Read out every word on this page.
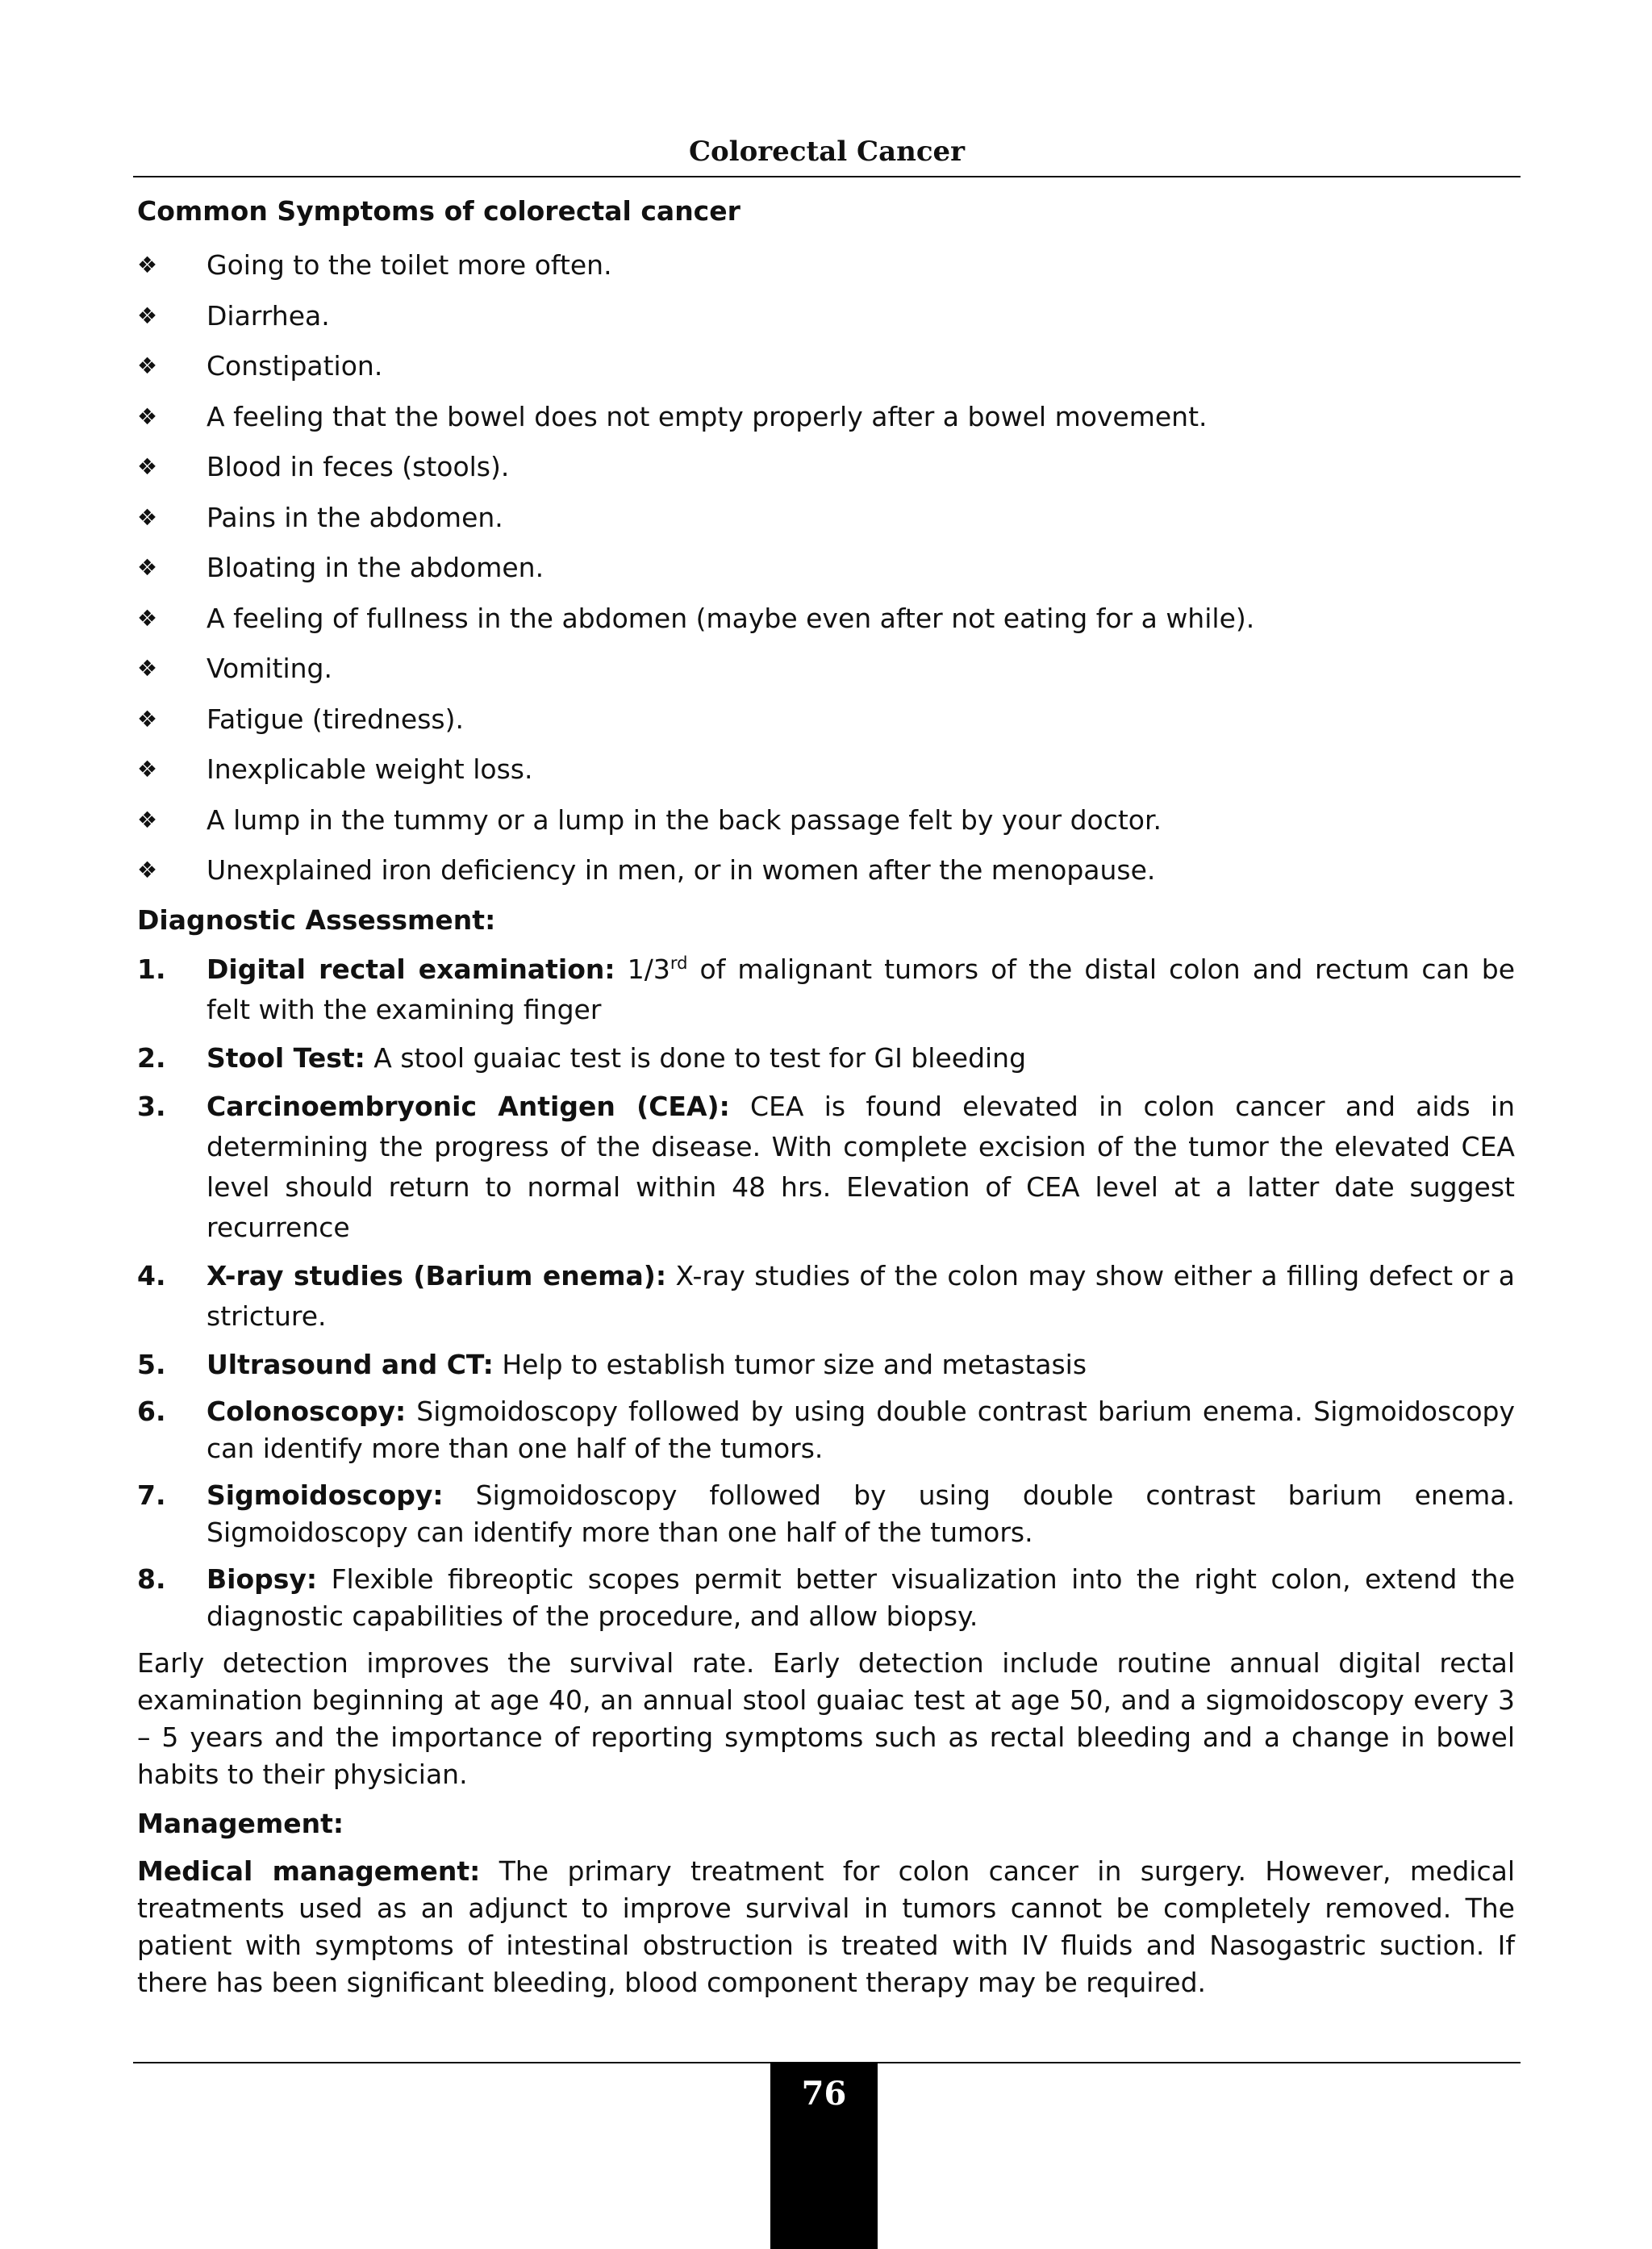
Colorectal Cancer

Common Symptoms of colorectal cancer

❖	Going to the toilet more often.
❖	Diarrhea.
❖	Constipation.
❖	A feeling that the bowel does not empty properly after a bowel movement.
❖	Blood in feces (stools).
❖	Pains in the abdomen.
❖	Bloating in the abdomen.
❖	A feeling of fullness in the abdomen (maybe even after not eating for a while).
❖	Vomiting.
❖	Fatigue (tiredness).
❖	Inexplicable weight loss.
❖	A lump in the tummy or a lump in the back passage felt by your doctor.
❖	Unexplained iron deficiency in men, or in women after the menopause.

Diagnostic Assessment:

1. Digital rectal examination: 1/3rd of malignant tumors of the distal colon and rectum can be felt with the examining finger
2. Stool Test: A stool guaiac test is done to test for GI bleeding
3. Carcinoembryonic Antigen (CEA): CEA is found elevated in colon cancer and aids in determining the progress of the disease. With complete excision of the tumor the elevated CEA level should return to normal within 48 hrs. Elevation of CEA level at a latter date suggest recurrence
4. X-ray studies (Barium enema): X-ray studies of the colon may show either a filling defect or a stricture.
5. Ultrasound and CT: Help to establish tumor size and metastasis
6. Colonoscopy: Sigmoidoscopy followed by using double contrast barium enema. Sigmoidoscopy can identify more than one half of the tumors.
7. Sigmoidoscopy: Sigmoidoscopy followed by using double contrast barium enema. Sigmoidoscopy can identify more than one half of the tumors.
8. Biopsy: Flexible fibreoptic scopes permit better visualization into the right colon, extend the diagnostic capabilities of the procedure, and allow biopsy.

Early detection improves the survival rate. Early detection include routine annual digital rectal examination beginning at age 40, an annual stool guaiac test at age 50, and a sigmoidoscopy every 3 – 5 years and the importance of reporting symptoms such as rectal bleeding and a change in bowel habits to their physician.

Management:

Medical management: The primary treatment for colon cancer in surgery. However, medical treatments used as an adjunct to improve survival in tumors cannot be completely removed. The patient with symptoms of intestinal obstruction is treated with IV fluids and Nasogastric suction. If there has been significant bleeding, blood component therapy may be required.

76
